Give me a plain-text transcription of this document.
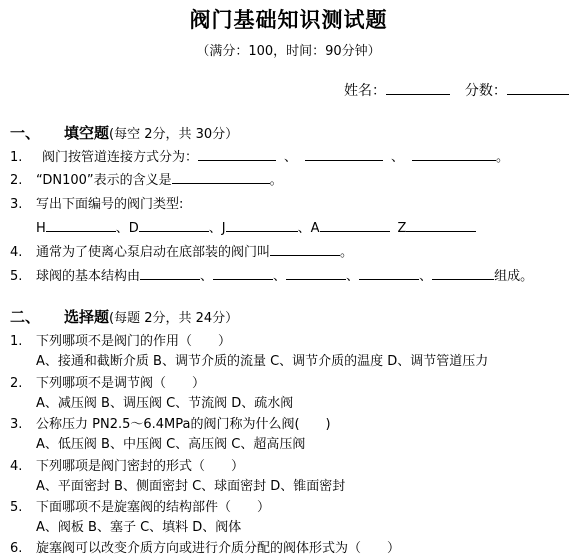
阀门基础知识测试题
（满分：100，时间：90分钟）
姓名：	分数：
一、 填空题(每空 2分，共 30分）
1. 阀门按管道连接方式分为：	、	、	。
2. “DN100”表示的含义是	。
3. 写出下面编号的阀门类型:
H	、D	、J	、A	Z
4. 通常为了使离心泵启动在底部装的阀门叫	。
5. 球阀的基本结构由	、	、	、	、	组成。
二、 选择题(每题 2分，共 24分）
1. 下列哪项不是阀门的作用（　　）
A、接通和截断介质 B、调节介质的流量 C、调节介质的温度 D、调节管道压力
2. 下列哪项不是调节阀（　　）
A、减压阀 B、调压阀 C、节流阀 D、疏水阀
3. 公称压力 PN2.5～6.4MPa的阀门称为什么阀(　　)
A、低压阀 B、中压阀 C、高压阀 C、超高压阀
4. 下列哪项是阀门密封的形式（　　）
A、平面密封 B、侧面密封 C、球面密封 D、锥面密封
5. 下面哪项不是旋塞阀的结构部件（　　）
A、阀板 B、塞子 C、填料 D、阀体
6. 旋塞阀可以改变介质方向或进行介质分配的阀体形式为（　　）
